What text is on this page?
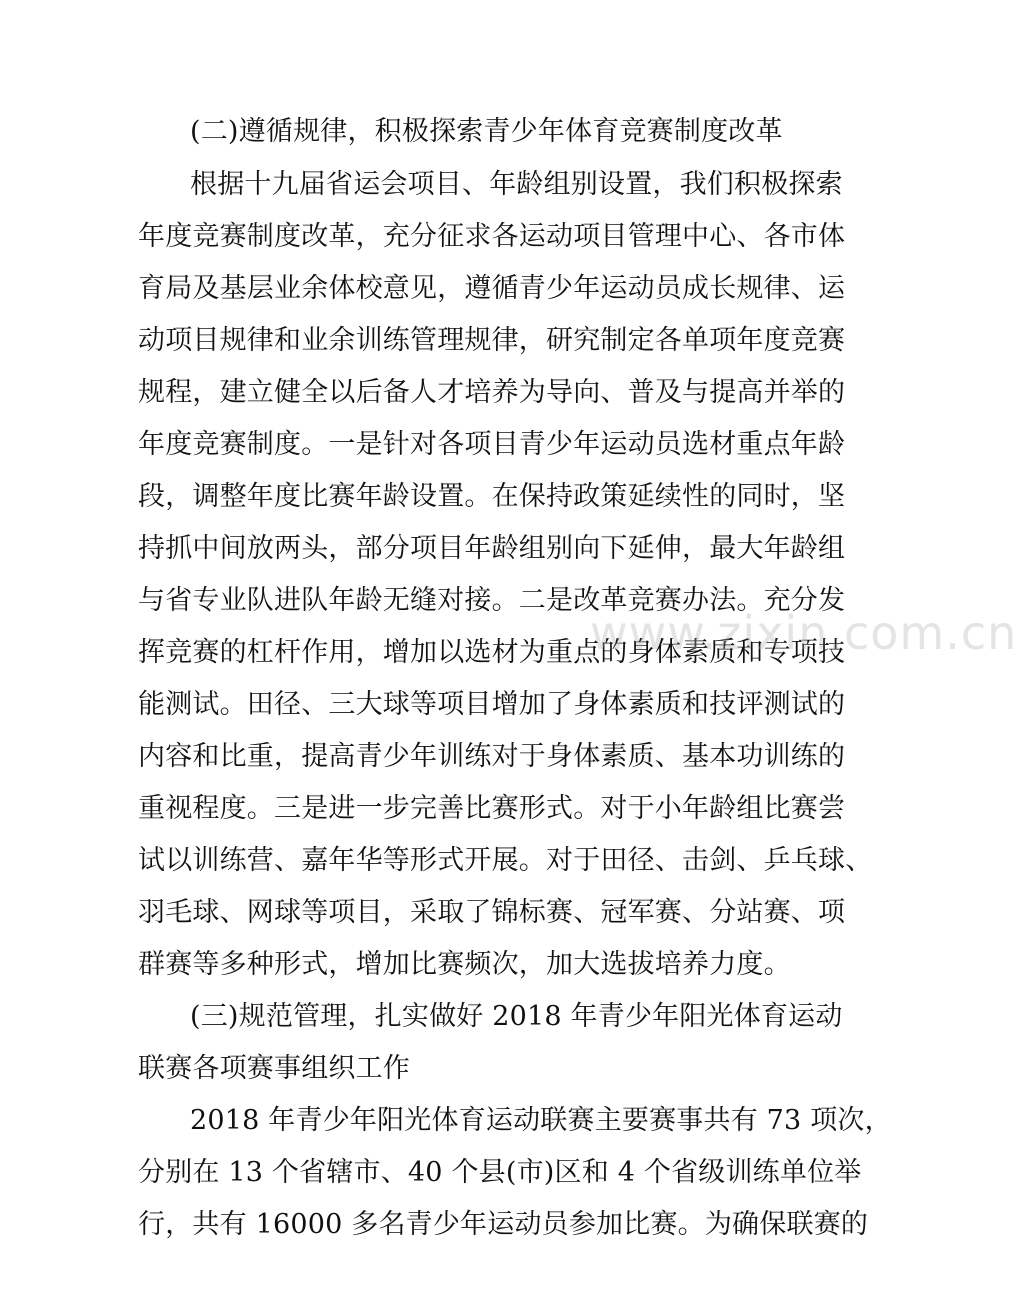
(二)遵循规律，积极探索青少年体育竞赛制度改革
根据十九届省运会项目、年龄组别设置，我们积极探索
年度竞赛制度改革，充分征求各运动项目管理中心、各市体
育局及基层业余体校意见，遵循青少年运动员成长规律、运
动项目规律和业余训练管理规律，研究制定各单项年度竞赛
规程，建立健全以后备人才培养为导向、普及与提高并举的
年度竞赛制度。一是针对各项目青少年运动员选材重点年龄
段，调整年度比赛年龄设置。在保持政策延续性的同时，坚
持抓中间放两头，部分项目年龄组别向下延伸，最大年龄组
与省专业队进队年龄无缝对接。二是改革竞赛办法。充分发
挥竞赛的杠杆作用，增加以选材为重点的身体素质和专项技
能测试。田径、三大球等项目增加了身体素质和技评测试的
内容和比重，提高青少年训练对于身体素质、基本功训练的
重视程度。三是进一步完善比赛形式。对于小年龄组比赛尝
试以训练营、嘉年华等形式开展。对于田径、击剑、乒乓球、
羽毛球、网球等项目，采取了锦标赛、冠军赛、分站赛、项
群赛等多种形式，增加比赛频次，加大选拔培养力度。
(三)规范管理，扎实做好 2018 年青少年阳光体育运动
联赛各项赛事组织工作
2018 年青少年阳光体育运动联赛主要赛事共有 73 项次，
分别在 13 个省辖市、40 个县(市)区和 4 个省级训练单位举
行，共有 16000 多名青少年运动员参加比赛。为确保联赛的
www.zixin.com.cn
